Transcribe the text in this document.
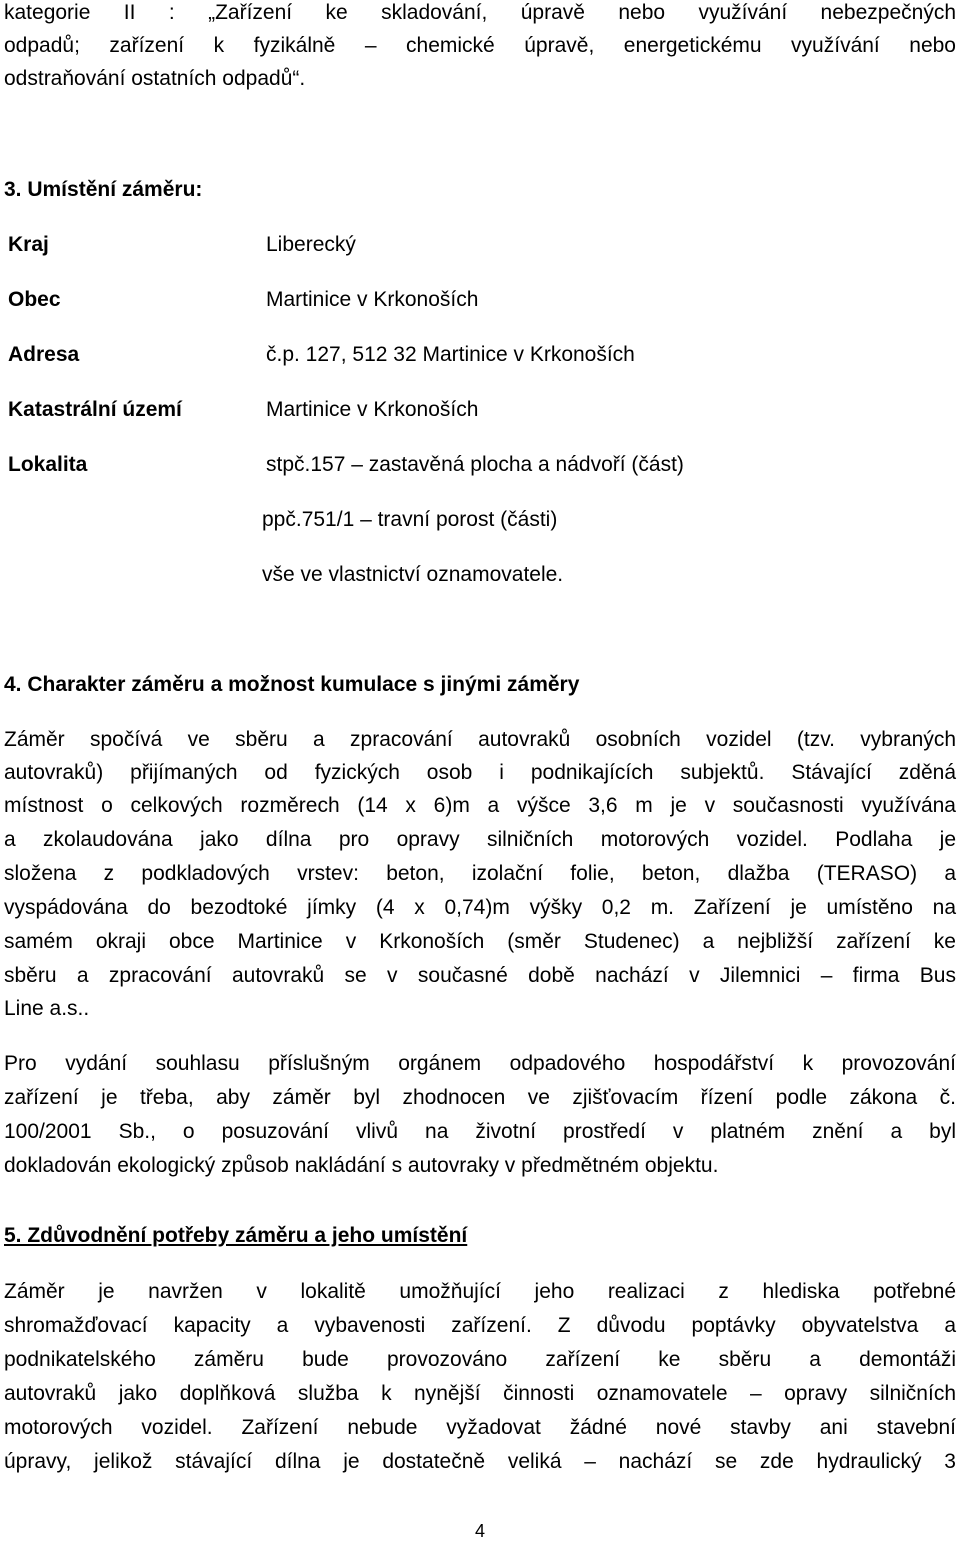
kategorie II : „Zařízení ke skladování, úpravě nebo využívání nebezpečných
odpadů; zařízení k fyzikálně – chemické úpravě, energetickému využívání nebo
odstraňování ostatních odpadů“.
3. Umístění záměru:
Kraj	Liberecký
Obec	Martinice v Krkonoších
Adresa	č.p. 127, 512 32 Martinice v Krkonoších
Katastrální území	Martinice v Krkonoších
Lokalita	stpč.157 – zastavěná plocha a nádvoří (část)
ppč.751/1 – travní porost (části)
vše ve vlastnictví oznamovatele.
4. Charakter záměru a možnost kumulace s jinými záměry
Záměr spočívá ve sběru a zpracování autovraků osobních vozidel (tzv. vybraných
autovraků) přijímaných od fyzických osob i podnikajících subjektů. Stávající zděná
místnost o celkových rozměrech (14 x 6)m a výšce 3,6 m je v současnosti využívána
a zkolaudována jako dílna pro opravy silničních motorových vozidel. Podlaha je
složena z podkladových vrstev: beton, izolační folie, beton, dlažba (TERASO) a
vyspádována do bezodtoké jímky (4 x 0,74)m výšky 0,2 m. Zařízení je umístěno na
samém okraji obce Martinice v Krkonoších (směr Studenec) a nejbližší zařízení ke
sběru a zpracování autovraků se v současné době nachází v Jilemnici – firma Bus
Line a.s..
Pro vydání souhlasu příslušným orgánem odpadového hospodářství k provozování
zařízení je třeba, aby záměr byl zhodnocen ve zjišťovacím řízení podle zákona č.
100/2001 Sb., o posuzování vlivů na životní prostředí v platném znění a byl
dokladován ekologický způsob nakládání s autovraky v předmětném objektu.
5. Zdůvodnění potřeby záměru a jeho umístění
Záměr je navržen v lokalitě umožňující jeho realizaci z hlediska potřebné
shromažďovací kapacity a vybavenosti zařízení. Z důvodu poptávky obyvatelstva a
podnikatelského záměru bude provozováno zařízení ke sběru a demontáži
autovraků jako doplňková služba k nynější činnosti oznamovatele – opravy silničních
motorových vozidel. Zařízení nebude vyžadovat žádné nové stavby ani stavební
úpravy, jelikož stávající dílna je dostatečně veliká – nachází se zde hydraulický 3
4
